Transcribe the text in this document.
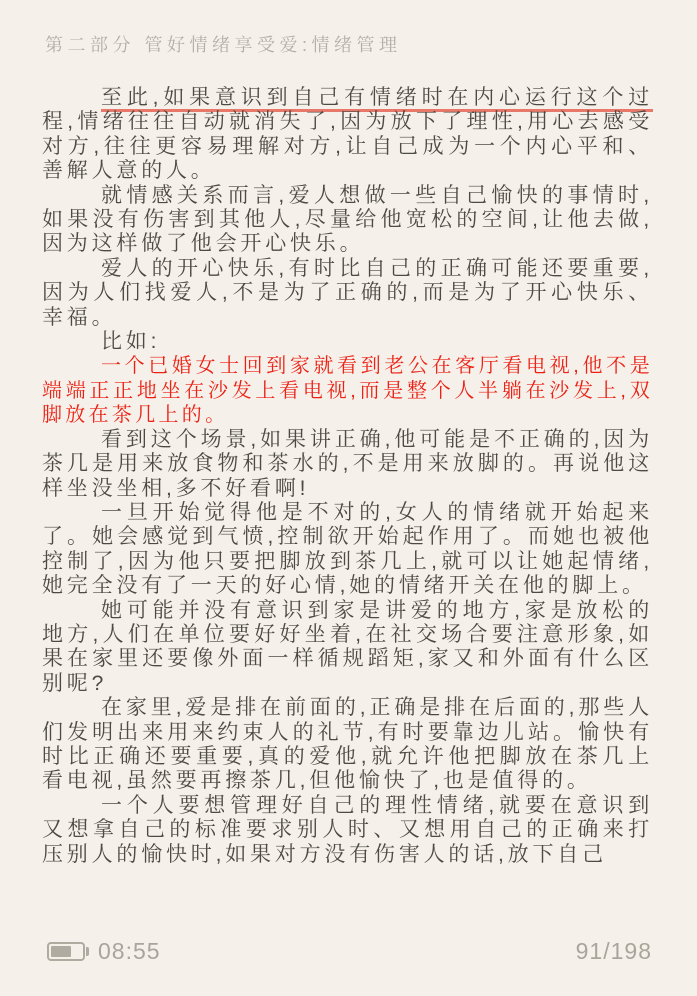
第二部分 管好情绪享受爱:情绪管理

至此,如果意识到自己有情绪时在内心运行这个过程,情绪往往自动就消失了,因为放下了理性,用心去感受对方,往往更容易理解对方,让自己成为一个内心平和、善解人意的人。

就情感关系而言,爱人想做一些自己愉快的事情时,如果没有伤害到其他人,尽量给他宽松的空间,让他去做,因为这样做了他会开心快乐。

爱人的开心快乐,有时比自己的正确可能还要重要,因为人们找爱人,不是为了正确的,而是为了开心快乐、幸福。

比如:

一个已婚女士回到家就看到老公在客厅看电视,他不是端端正正地坐在沙发上看电视,而是整个人半躺在沙发上,双脚放在茶几上的。

看到这个场景,如果讲正确,他可能是不正确的,因为茶几是用来放食物和茶水的,不是用来放脚的。再说他这样坐没坐相,多不好看啊!

一旦开始觉得他是不对的,女人的情绪就开始起来了。她会感觉到气愤,控制欲开始起作用了。而她也被他控制了,因为他只要把脚放到茶几上,就可以让她起情绪,她完全没有了一天的好心情,她的情绪开关在他的脚上。

她可能并没有意识到家是讲爱的地方,家是放松的地方,人们在单位要好好坐着,在社交场合要注意形象,如果在家里还要像外面一样循规蹈矩,家又和外面有什么区别呢?

在家里,爱是排在前面的,正确是排在后面的,那些人们发明出来用来约束人的礼节,有时要靠边儿站。愉快有时比正确还要重要,真的爱他,就允许他把脚放在茶几上看电视,虽然要再擦茶几,但他愉快了,也是值得的。

一个人要想管理好自己的理性情绪,就要在意识到又想拿自己的标准要求别人时、又想用自己的正确来打压别人的愉快时,如果对方没有伤害人的话,放下自己

08:55	91/198
